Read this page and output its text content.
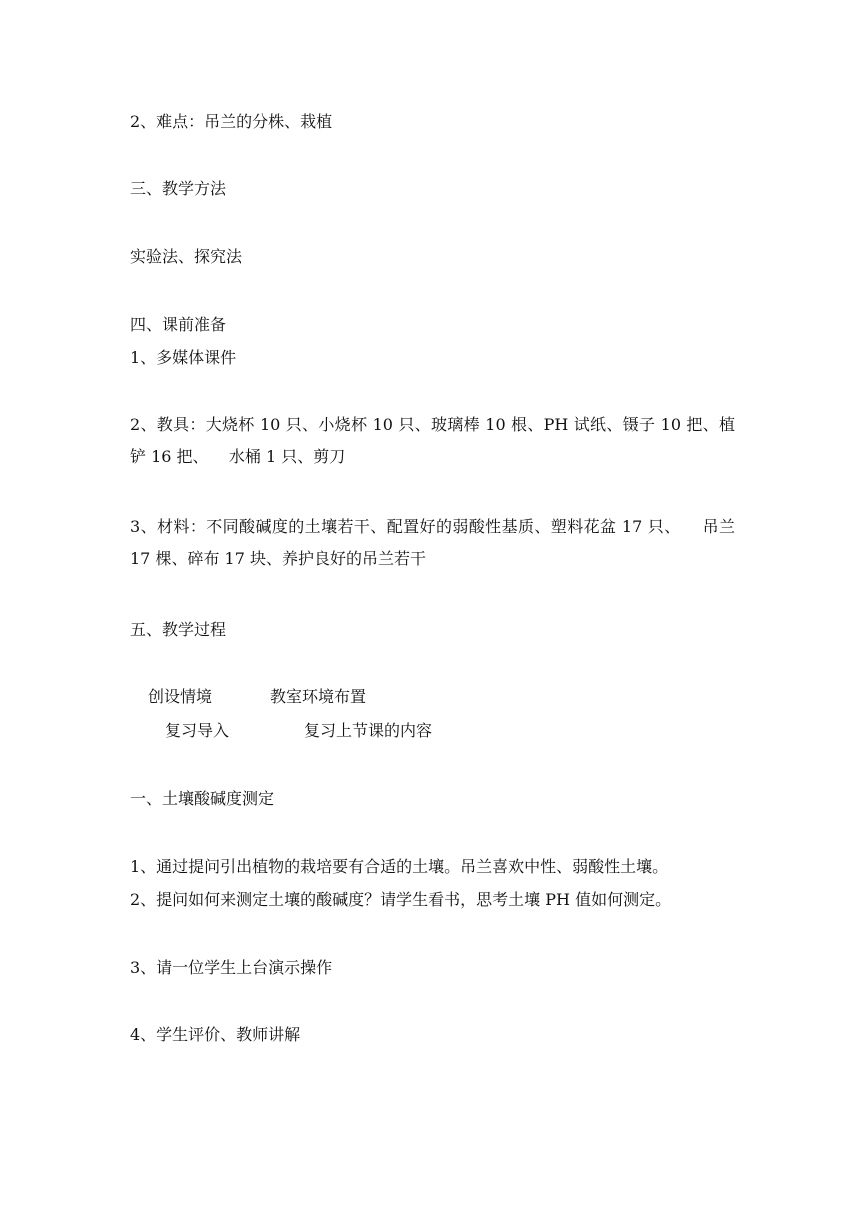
2、难点：吊兰的分株、栽植

三、教学方法

实验法、探究法

四、课前准备

1、多媒体课件

2、教具：大烧杯 10 只、小烧杯 10 只、玻璃棒 10 根、PH 试纸、镊子 10 把、植铲 16 把、    水桶 1 只、剪刀

3、材料：不同酸碱度的土壤若干、配置好的弱酸性基质、塑料花盆 17 只、    吊兰 17 棵、碎布 17 块、养护良好的吊兰若干

五、教学过程

创设情境	教室环境布置
复习导入	复习上节课的内容

一、土壤酸碱度测定

1、通过提问引出植物的栽培要有合适的土壤。吊兰喜欢中性、弱酸性土壤。

2、提问如何来测定土壤的酸碱度？请学生看书，思考土壤 PH 值如何测定。

3、请一位学生上台演示操作

4、学生评价、教师讲解
